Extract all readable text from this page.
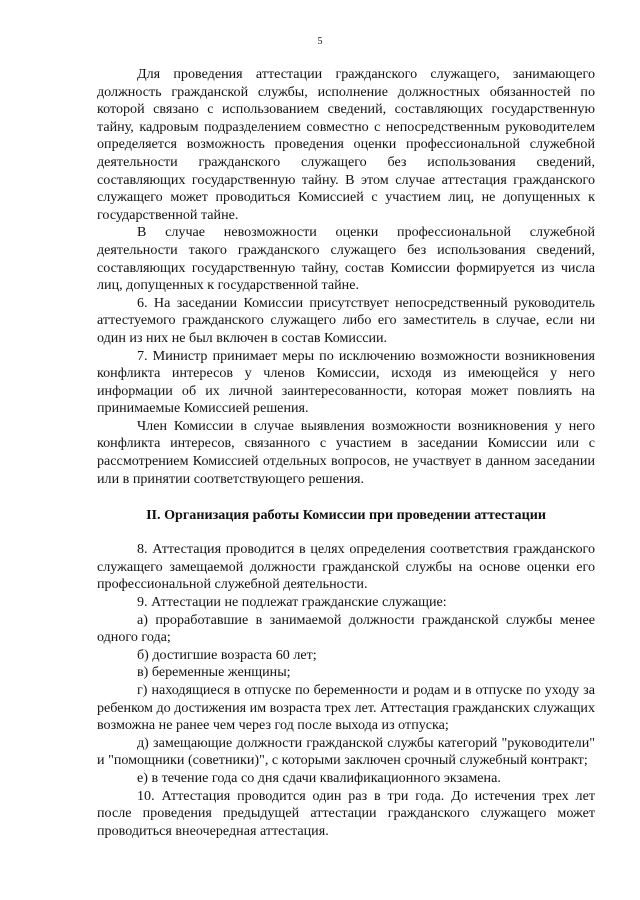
5

Для проведения аттестации гражданского служащего, занимающего должность гражданской службы, исполнение должностных обязанностей по которой связано с использованием сведений, составляющих государственную тайну, кадровым подразделением совместно с непосредственным руководителем определяется возможность проведения оценки профессиональной служебной деятельности гражданского служащего без использования сведений, составляющих государственную тайну. В этом случае аттестация гражданского служащего может проводиться Комиссией с участием лиц, не допущенных к государственной тайне.

В случае невозможности оценки профессиональной служебной деятельности такого гражданского служащего без использования сведений, составляющих государственную тайну, состав Комиссии формируется из числа лиц, допущенных к государственной тайне.

6. На заседании Комиссии присутствует непосредственный руководитель аттестуемого гражданского служащего либо его заместитель в случае, если ни один из них не был включен в состав Комиссии.

7. Министр принимает меры по исключению возможности возникновения конфликта интересов у членов Комиссии, исходя из имеющейся у него информации об их личной заинтересованности, которая может повлиять на принимаемые Комиссией решения.

Член Комиссии в случае выявления возможности возникновения у него конфликта интересов, связанного с участием в заседании Комиссии или с рассмотрением Комиссией отдельных вопросов, не участвует в данном заседании или в принятии соответствующего решения.

II. Организация работы Комиссии при проведении аттестации

8. Аттестация проводится в целях определения соответствия гражданского служащего замещаемой должности гражданской службы на основе оценки его профессиональной служебной деятельности.

9. Аттестации не подлежат гражданские служащие:

а) проработавшие в занимаемой должности гражданской службы менее одного года;

б) достигшие возраста 60 лет;

в) беременные женщины;

г) находящиеся в отпуске по беременности и родам и в отпуске по уходу за ребенком до достижения им возраста трех лет. Аттестация гражданских служащих возможна не ранее чем через год после выхода из отпуска;

д) замещающие должности гражданской службы категорий "руководители" и "помощники (советники)", с которыми заключен срочный служебный контракт;

е) в течение года со дня сдачи квалификационного экзамена.

10. Аттестация проводится один раз в три года. До истечения трех лет после проведения предыдущей аттестации гражданского служащего может проводиться внеочередная аттестация.
